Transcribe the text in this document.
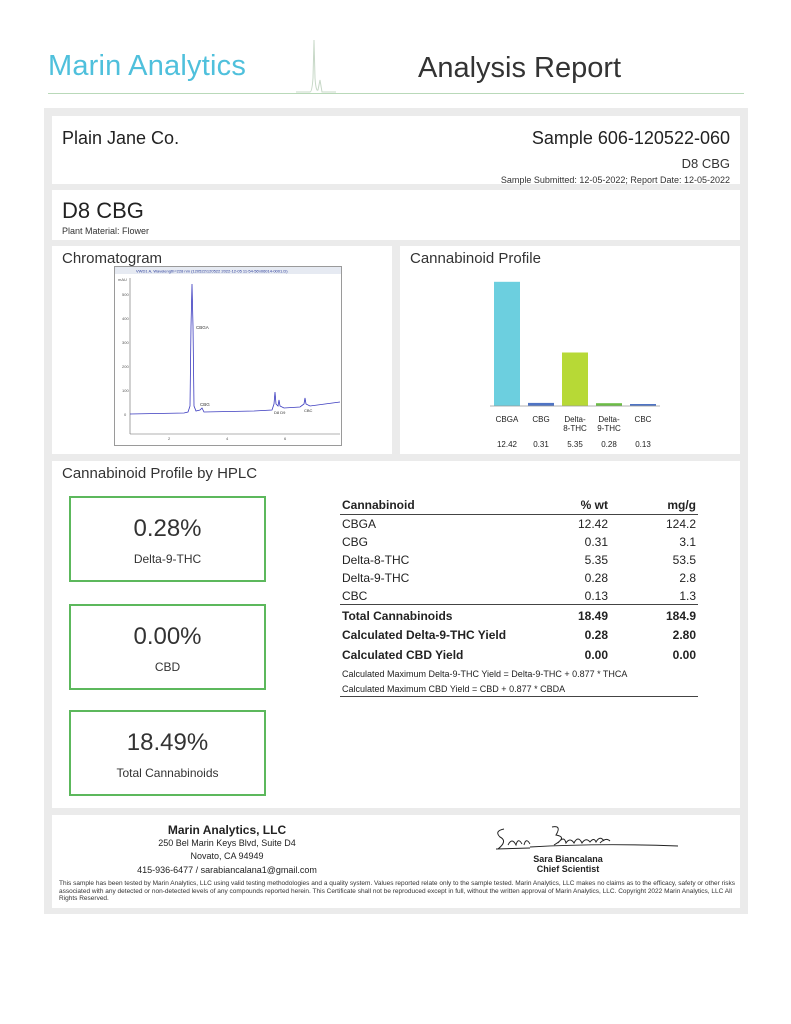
Marin Analytics	Analysis Report
Plain Jane Co.	Sample 606-120522-060
D8 CBG
Sample Submitted: 12-05-2022; Report Date: 12-05-2022
D8 CBG
Plant Material: Flower
Chromatogram
VWD1 A, Wavelength=228 nm (120522\120522 2022-12-05 11-54-56\\06014-0001.D)
mAU
500
400
300
200
100
0
2	4	6
CBGA
CBG
D8 D9	CBC
Cannabinoid Profile
CBGA
12.42
CBG
0.31
Delta-
8-THC
5.35
Delta-
9-THC
0.28
CBC
0.13
Cannabinoid Profile by HPLC
0.28%
Delta-9-THC
0.00%
CBD
18.49%
Total Cannabinoids
Cannabinoid	% wt	mg/g
CBGA	12.42	124.2
CBG	0.31	3.1
Delta-8-THC	5.35	53.5
Delta-9-THC	0.28	2.8
CBC	0.13	1.3
Total Cannabinoids	18.49	184.9
Calculated Delta-9-THC Yield	0.28	2.80
Calculated CBD Yield	0.00	0.00
Calculated Maximum Delta-9-THC Yield = Delta-9-THC + 0.877 * THCA		
Calculated Maximum CBD Yield = CBD + 0.877 * CBDA		
Marin Analytics, LLC
250 Bel Marin Keys Blvd, Suite D4
Novato, CA 94949
415-936-6477 / sarabiancalana1@gmail.com
Sara Biancalana
Chief Scientist
This sample has been tested by Marin Analytics, LLC using valid testing methodologies and a quality system. Values reported relate only to the sample tested. Marin Analytics, LLC makes no claims as to the efficacy, safety or other risks associated with any detected or non-detected levels of any compounds reported herein. This Certificate shall not be reproduced except in full, without the written approval of Marin Analytics, LLC. Copyright 2022 Marin Analytics, LLC All Rights Reserved.
